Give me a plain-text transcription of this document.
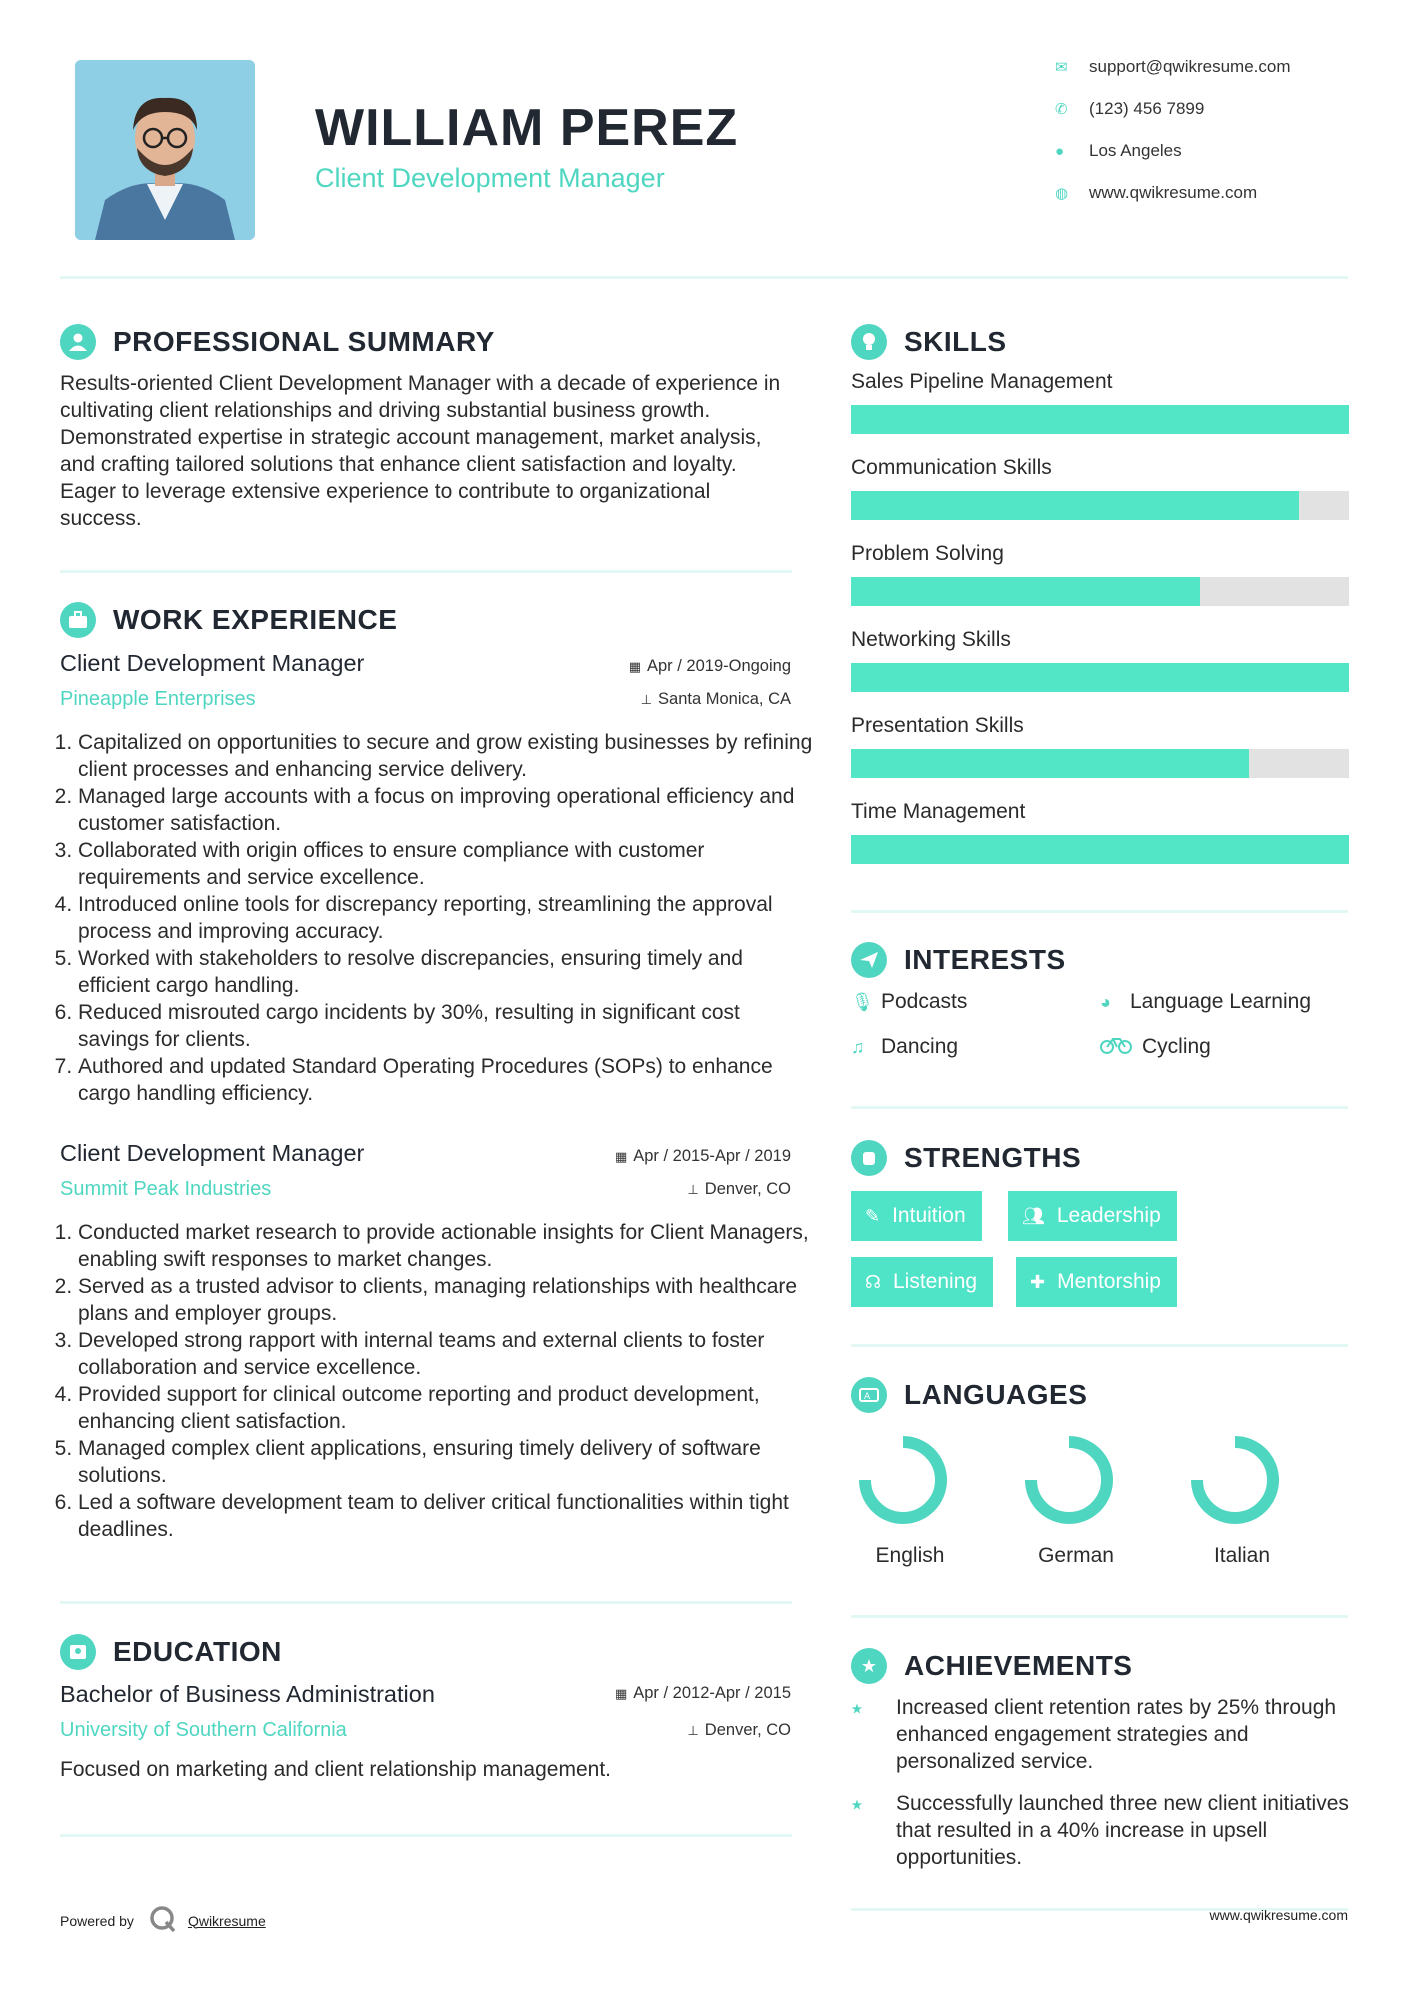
WILLIAM PEREZ
Client Development Manager
✉	support@qwikresume.com
✆	(123) 456 7899
●	Los Angeles
◍	www.qwikresume.com
PROFESSIONAL SUMMARY
Results-oriented Client Development Manager with a decade of experience in cultivating client relationships and driving substantial business growth. Demonstrated expertise in strategic account management, market analysis, and crafting tailored solutions that enhance client satisfaction and loyalty. Eager to leverage extensive experience to contribute to organizational success.
WORK EXPERIENCE
Client Development Manager	▦ Apr / 2019-Ongoing
Pineapple Enterprises	⊥ Santa Monica, CA
1. Capitalized on opportunities to secure and grow existing businesses by refining client processes and enhancing service delivery.
2. Managed large accounts with a focus on improving operational efficiency and customer satisfaction.
3. Collaborated with origin offices to ensure compliance with customer requirements and service excellence.
4. Introduced online tools for discrepancy reporting, streamlining the approval process and improving accuracy.
5. Worked with stakeholders to resolve discrepancies, ensuring timely and efficient cargo handling.
6. Reduced misrouted cargo incidents by 30%, resulting in significant cost savings for clients.
7. Authored and updated Standard Operating Procedures (SOPs) to enhance cargo handling efficiency.
Client Development Manager	▦ Apr / 2015-Apr / 2019
Summit Peak Industries	⊥ Denver, CO
1. Conducted market research to provide actionable insights for Client Managers, enabling swift responses to market changes.
2. Served as a trusted advisor to clients, managing relationships with healthcare plans and employer groups.
3. Developed strong rapport with internal teams and external clients to foster collaboration and service excellence.
4. Provided support for clinical outcome reporting and product development, enhancing client satisfaction.
5. Managed complex client applications, ensuring timely delivery of software solutions.
6. Led a software development team to deliver critical functionalities within tight deadlines.
EDUCATION
Bachelor of Business Administration	▦ Apr / 2012-Apr / 2015
University of Southern California	⊥ Denver, CO
Focused on marketing and client relationship management.
SKILLS
Sales Pipeline Management
Communication Skills
Problem Solving
Networking Skills
Presentation Skills
Time Management
INTERESTS
🎙︎ Podcasts	◕ Language Learning
♫ Dancing	Cycling
STRENGTHS
✎ Intuition	👥︎ Leadership
☊ Listening	✚ Mentorship
A LANGUAGES
English	German	Italian
★ ACHIEVEMENTS
⭑ Increased client retention rates by 25% through enhanced engagement strategies and personalized service.
⭑ Successfully launched three new client initiatives that resulted in a 40% increase in upsell opportunities.
Powered by	Qwikresume	www.qwikresume.com
